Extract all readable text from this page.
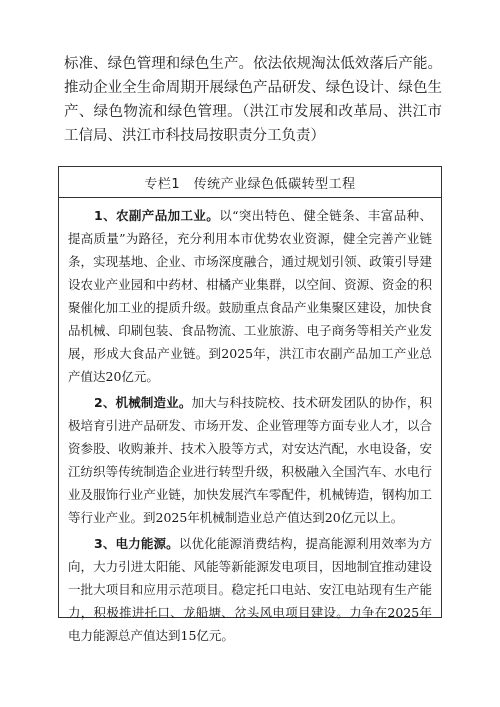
标准、绿色管理和绿色生产。依法依规淘汰低效落后产能。推动企业全生命周期开展绿色产品研发、绿色设计、绿色生产、绿色物流和绿色管理。（洪江市发展和改革局、洪江市工信局、洪江市科技局按职责分工负责）

专栏1　传统产业绿色低碳转型工程

1、农副产品加工业。以“突出特色、健全链条、丰富品种、提高质量”为路径，充分利用本市优势农业资源，健全完善产业链条，实现基地、企业、市场深度融合，通过规划引领、政策引导建设农业产业园和中药材、柑橘产业集群，以空间、资源、资金的积聚催化加工业的提质升级。鼓励重点食品产业集聚区建设，加快食品机械、印刷包装、食品物流、工业旅游、电子商务等相关产业发展，形成大食品产业链。到2025年，洪江市农副产品加工产业总产值达20亿元。

2、机械制造业。加大与科技院校、技术研发团队的协作，积极培育引进产品研发、市场开发、企业管理等方面专业人才，以合资参股、收购兼并、技术入股等方式，对安达汽配，水电设备，安江纺织等传统制造企业进行转型升级，积极融入全国汽车、水电行业及服饰行业产业链，加快发展汽车零配件，机械铸造，钢构加工等行业产业。到2025年机械制造业总产值达到20亿元以上。

3、电力能源。以优化能源消费结构，提高能源利用效率为方向，大力引进太阳能、风能等新能源发电项目，因地制宜推动建设一批大项目和应用示范项目。稳定托口电站、安江电站现有生产能力，积极推进托口、龙船塘、岔头风电项目建设。力争在2025年电力能源总产值达到15亿元。
